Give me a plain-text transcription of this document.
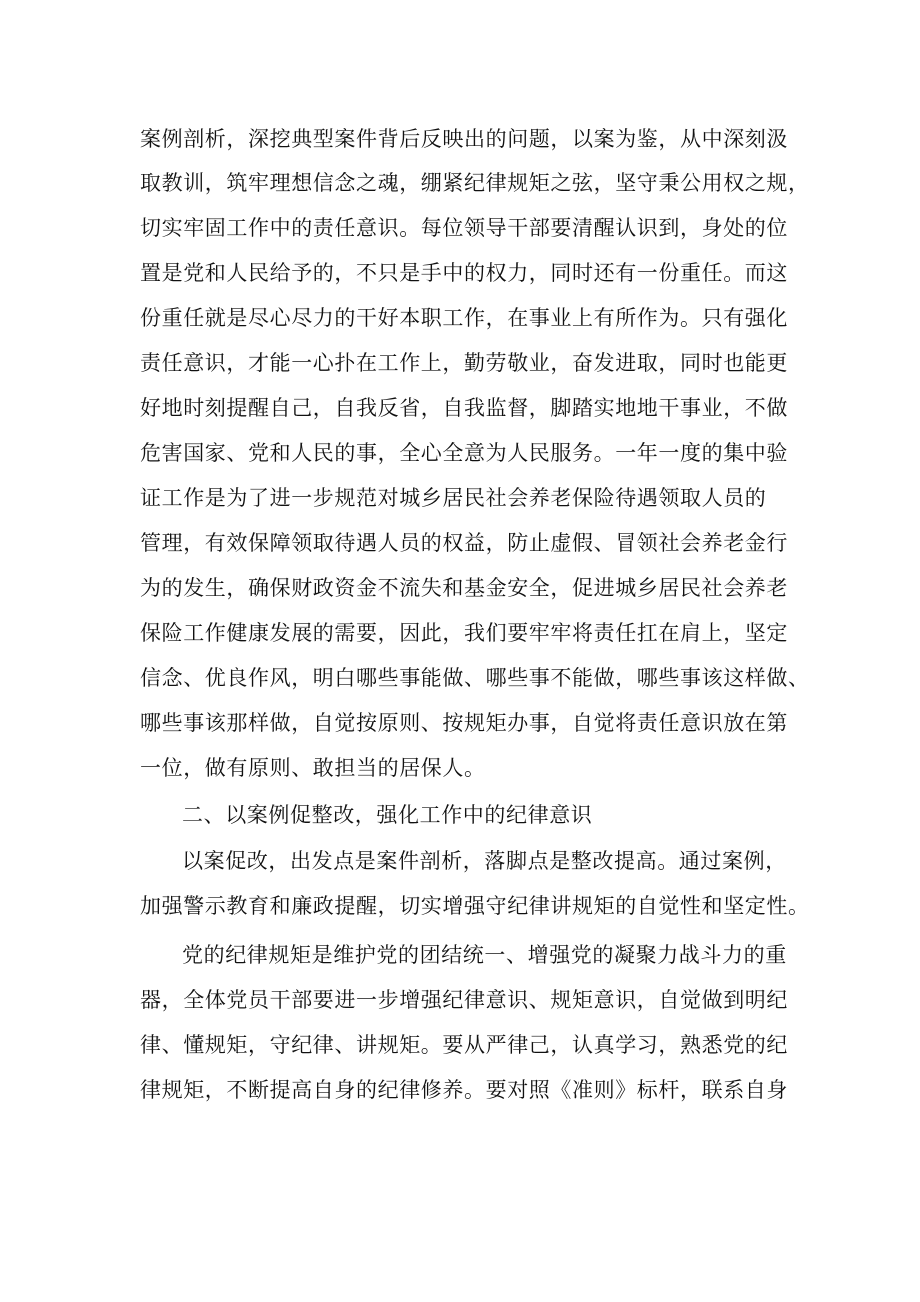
案例剖析，深挖典型案件背后反映出的问题，以案为鉴，从中深刻汲
取教训，筑牢理想信念之魂，绷紧纪律规矩之弦，坚守秉公用权之规，
切实牢固工作中的责任意识。每位领导干部要清醒认识到，身处的位
置是党和人民给予的，不只是手中的权力，同时还有一份重任。而这
份重任就是尽心尽力的干好本职工作，在事业上有所作为。只有强化
责任意识，才能一心扑在工作上，勤劳敬业，奋发进取，同时也能更
好地时刻提醒自己，自我反省，自我监督，脚踏实地地干事业，不做
危害国家、党和人民的事，全心全意为人民服务。一年一度的集中验
证工作是为了进一步规范对城乡居民社会养老保险待遇领取人员的
管理，有效保障领取待遇人员的权益，防止虚假、冒领社会养老金行
为的发生，确保财政资金不流失和基金安全，促进城乡居民社会养老
保险工作健康发展的需要，因此，我们要牢牢将责任扛在肩上，坚定
信念、优良作风，明白哪些事能做、哪些事不能做，哪些事该这样做、
哪些事该那样做，自觉按原则、按规矩办事，自觉将责任意识放在第
一位，做有原则、敢担当的居保人。
二、以案例促整改，强化工作中的纪律意识
以案促改，出发点是案件剖析，落脚点是整改提高。通过案例，
加强警示教育和廉政提醒，切实增强守纪律讲规矩的自觉性和坚定性。
党的纪律规矩是维护党的团结统一、增强党的凝聚力战斗力的重
器，全体党员干部要进一步增强纪律意识、规矩意识，自觉做到明纪
律、懂规矩，守纪律、讲规矩。要从严律己，认真学习，熟悉党的纪
律规矩，不断提高自身的纪律修养。要对照《准则》标杆，联系自身
